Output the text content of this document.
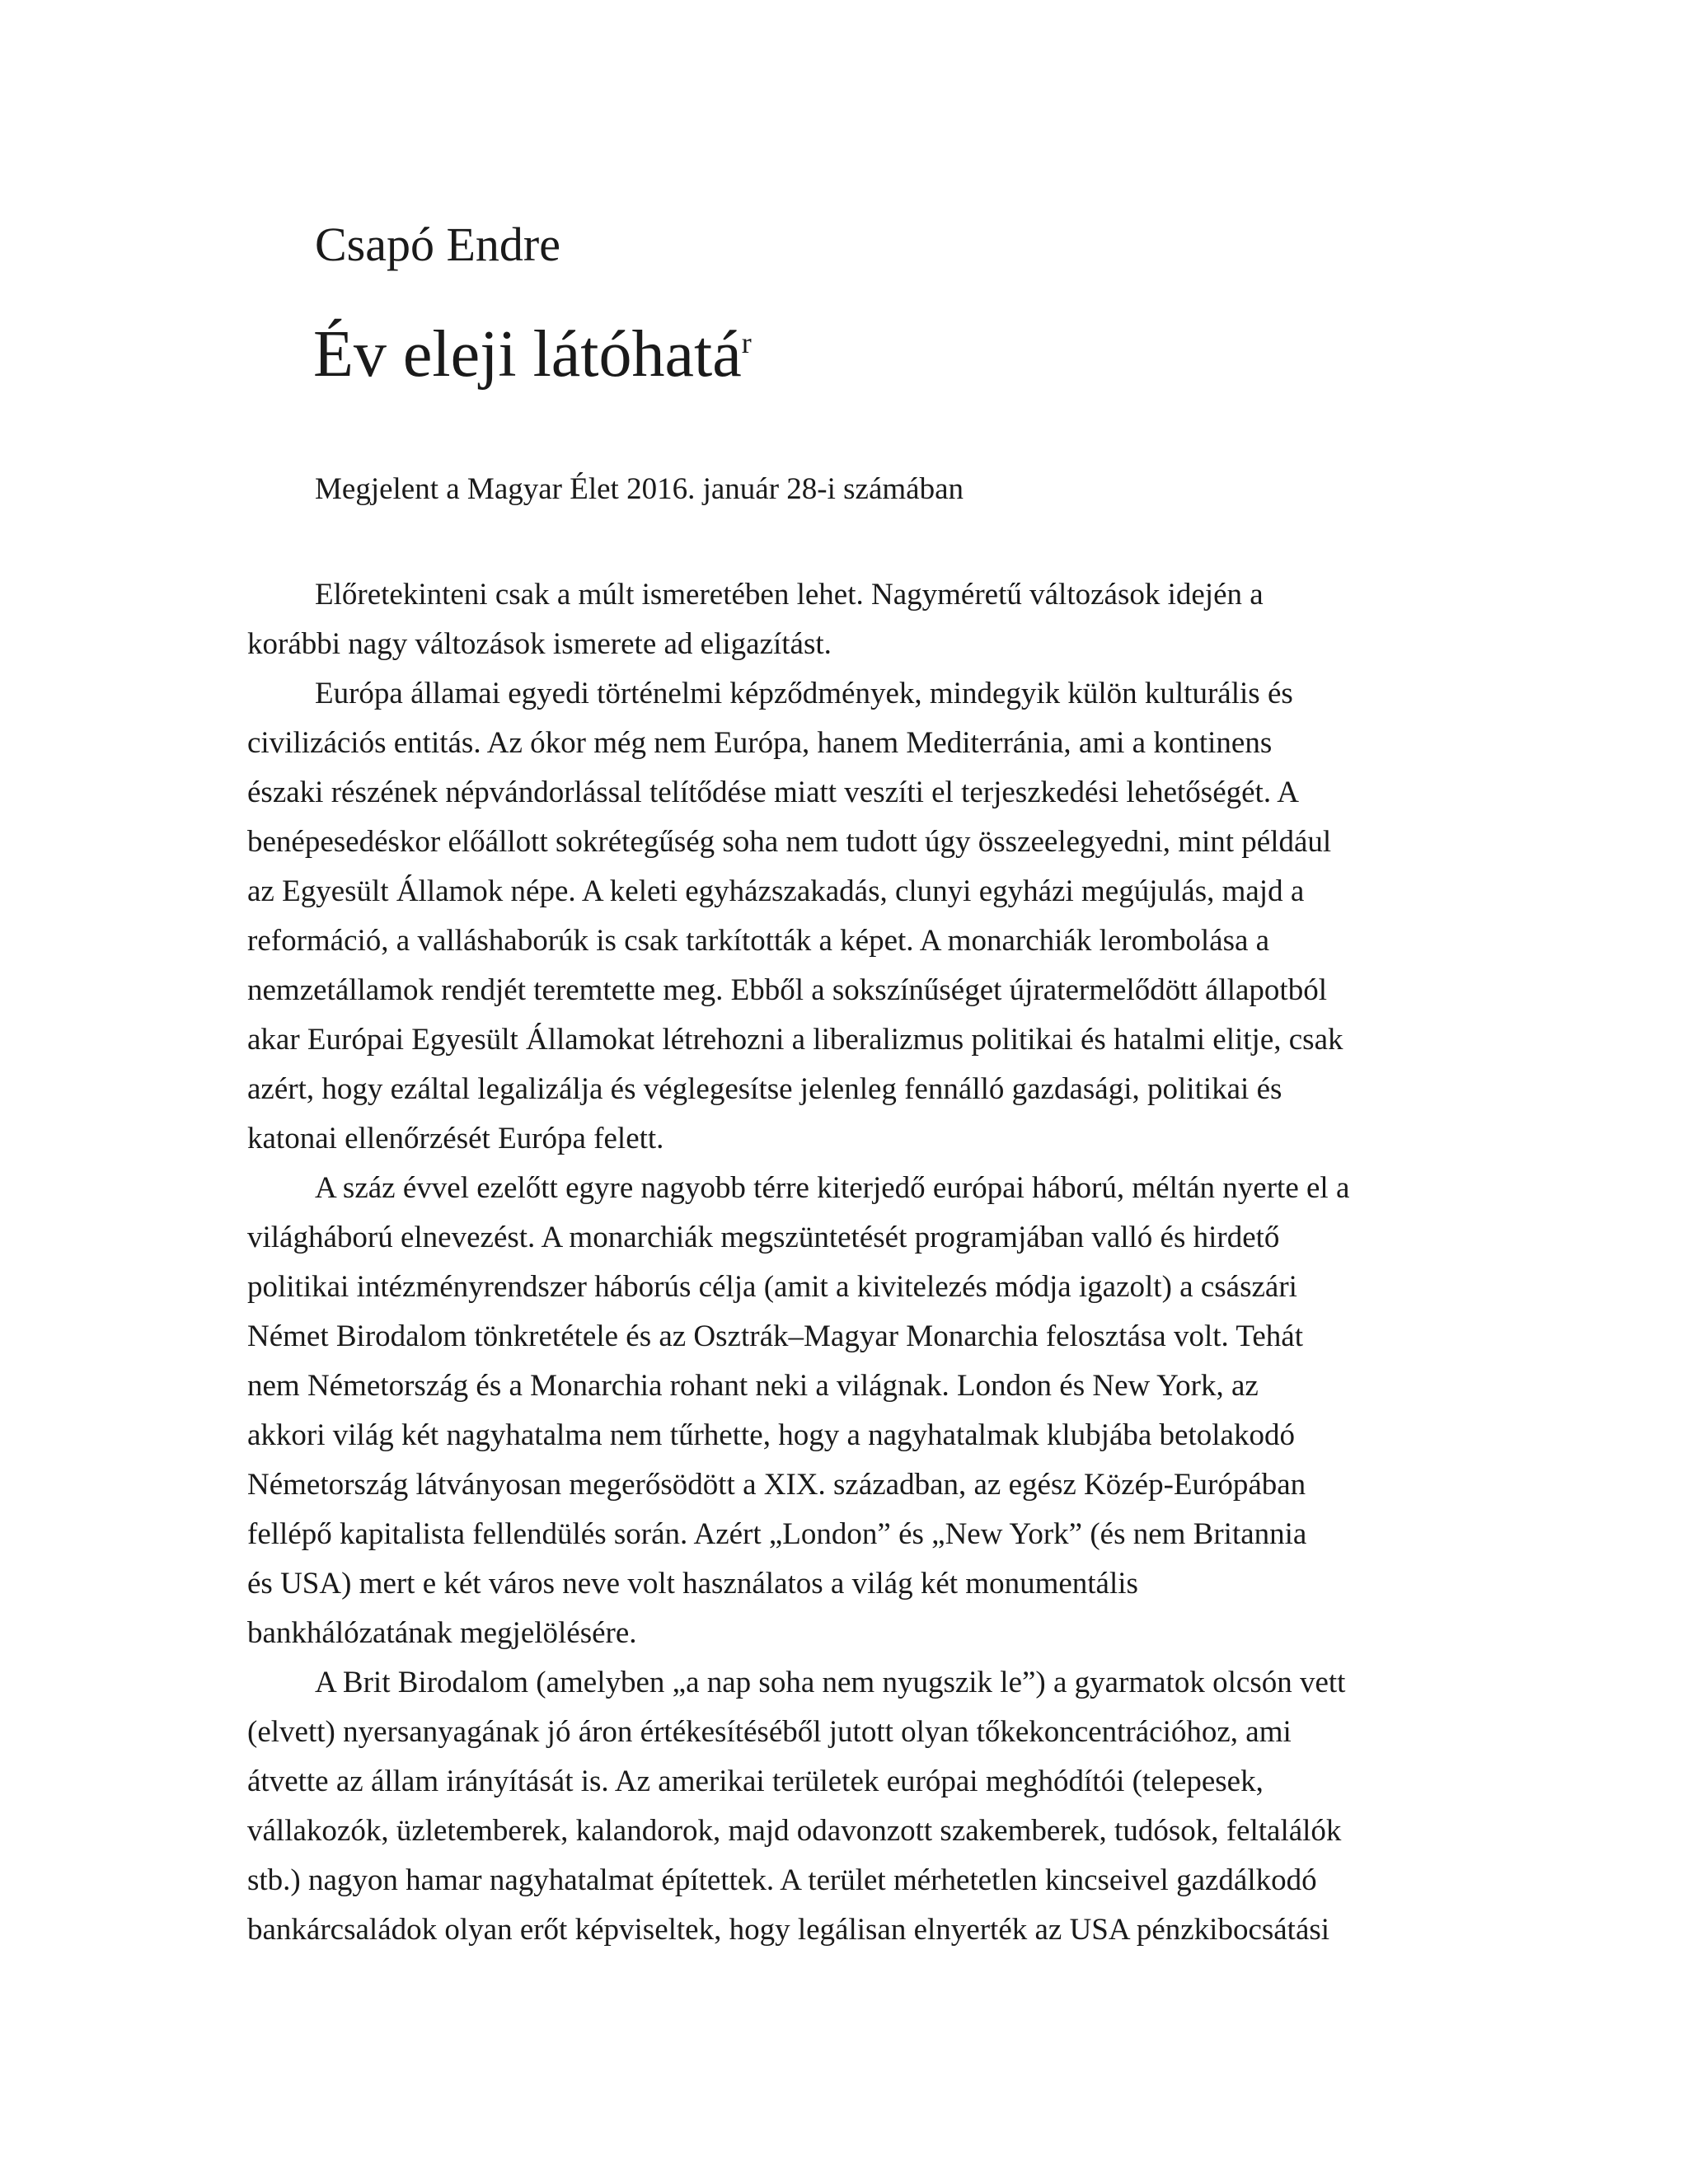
Csapó Endre
Év eleji látóhatá$^r$

Megjelent a Magyar Élet 2016. január 28-i számában

Előretekinteni csak a múlt ismeretében lehet. Nagyméretű változások idején a
korábbi nagy változások ismerete ad eligazítást.

Európa államai egyedi történelmi képződmények, mindegyik külön kulturális és
civilizációs entitás. Az ókor még nem Európa, hanem Mediterránia, ami a kontinens
északi részének népvándorlással telítődése miatt veszíti el terjeszkedési lehetőségét. A
benépesedéskor előállott sokrétegűség soha nem tudott úgy összeelegyedni, mint például
az Egyesült Államok népe. A keleti egyházszakadás, clunyi egyházi megújulás, majd a
reformáció, a valláshaborúk is csak tarkították a képet. A monarchiák lerombolása a
nemzetállamok rendjét teremtette meg. Ebből a sokszínűséget újratermelődött állapotból
akar Európai Egyesült Államokat létrehozni a liberalizmus politikai és hatalmi elitje, csak
azért, hogy ezáltal legalizálja és véglegesítse jelenleg fennálló gazdasági, politikai és
katonai ellenőrzését Európa felett.

A száz évvel ezelőtt egyre nagyobb térre kiterjedő európai háború, méltán nyerte el a
világháború elnevezést. A monarchiák megszüntetését programjában valló és hirdető
politikai intézményrendszer háborús célja (amit a kivitelezés módja igazolt) a császári
Német Birodalom tönkretétele és az Osztrák–Magyar Monarchia felosztása volt. Tehát
nem Németország és a Monarchia rohant neki a világnak. London és New York, az
akkori világ két nagyhatalma nem tűrhette, hogy a nagyhatalmak klubjába betolakodó
Németország látványosan megerősödött a XIX. században, az egész Közép-Európában
fellépő kapitalista fellendülés során. Azért „London” és „New York” (és nem Britannia
és USA) mert e két város neve volt használatos a világ két monumentális
bankhálózatának megjelölésére.

A Brit Birodalom (amelyben „a nap soha nem nyugszik le”) a gyarmatok olcsón vett
(elvett) nyersanyagának jó áron értékesítéséből jutott olyan tőkekoncentrációhoz, ami
átvette az állam irányítását is. Az amerikai területek európai meghódítói (telepesek,
vállakozók, üzletemberek, kalandorok, majd odavonzott szakemberek, tudósok, feltalálók
stb.) nagyon hamar nagyhatalmat építettek. A terület mérhetetlen kincseivel gazdálkodó
bankárcsaládok olyan erőt képviseltek, hogy legálisan elnyerték az USA pénzkibocsátási
